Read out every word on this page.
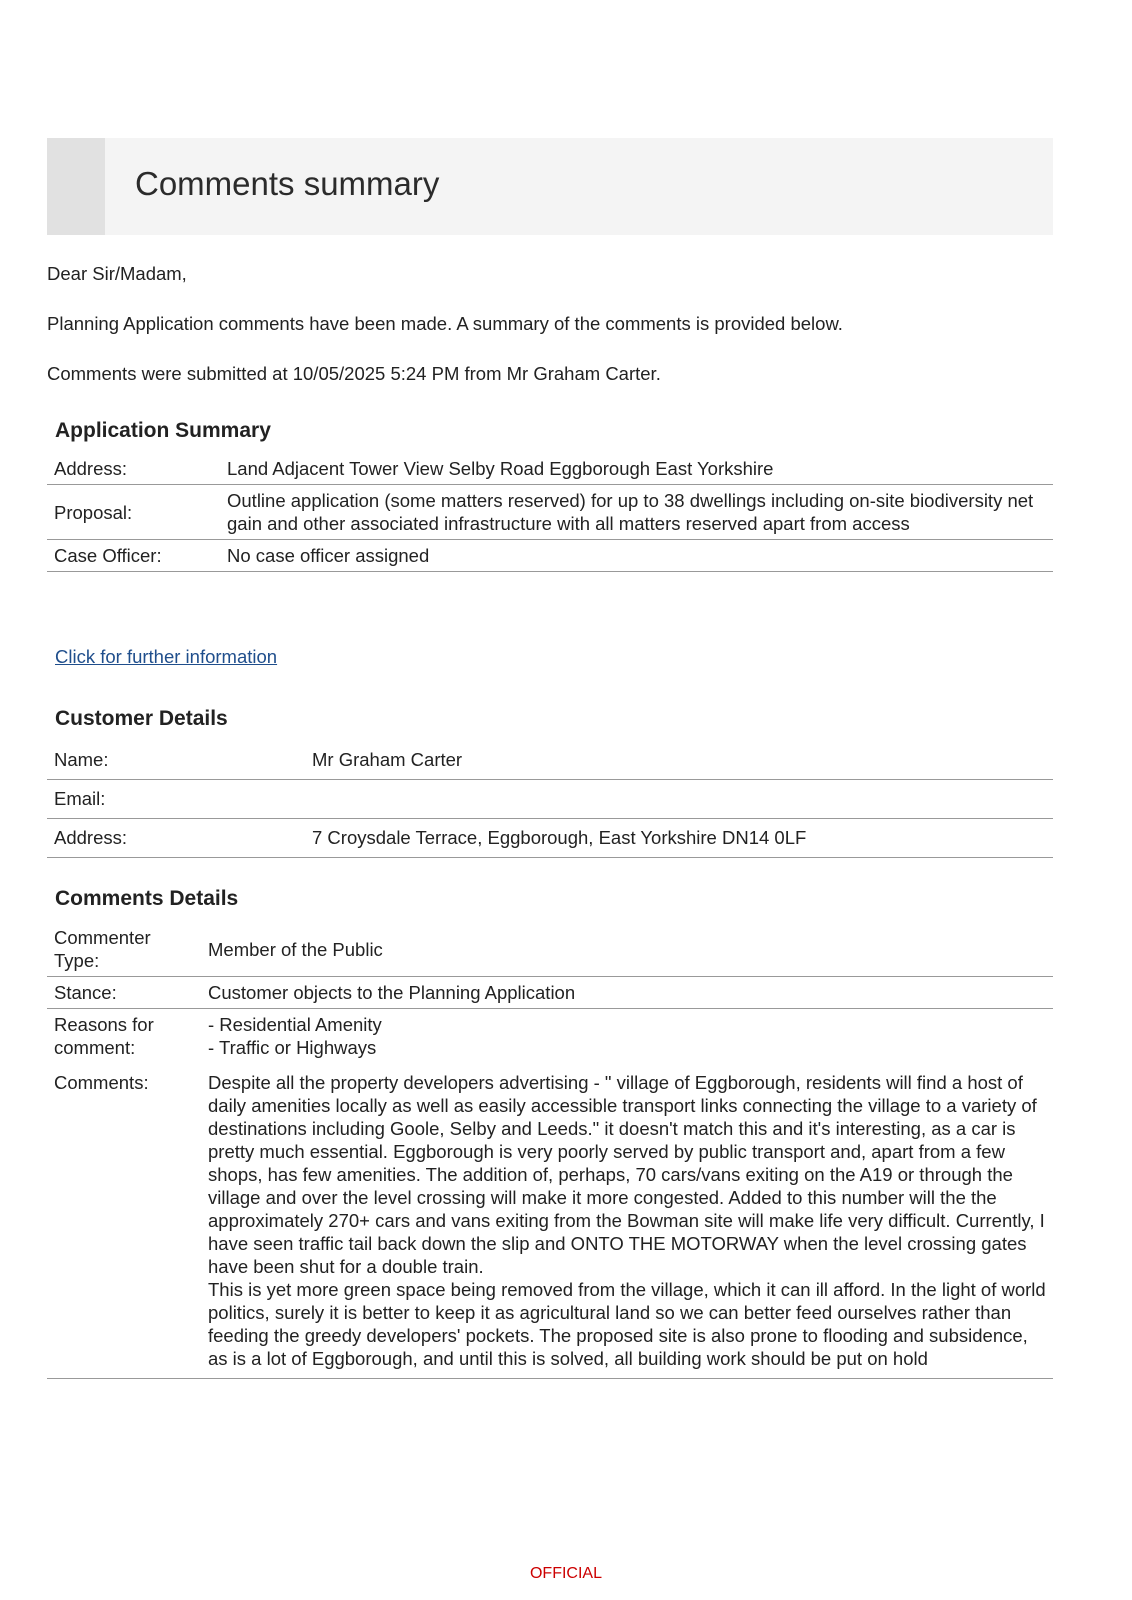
Comments summary
Dear Sir/Madam,
Planning Application comments have been made. A summary of the comments is provided below.
Comments were submitted at 10/05/2025 5:24 PM from Mr Graham Carter.
Application Summary
Address:	Land Adjacent Tower View Selby Road Eggborough East Yorkshire
Proposal:	Outline application (some matters reserved) for up to 38 dwellings including on-site biodiversity net gain and other associated infrastructure with all matters reserved apart from access
Case Officer:	No case officer assigned
Click for further information
Customer Details
Name:	Mr Graham Carter
Email:	
Address:	7 Croysdale Terrace, Eggborough, East Yorkshire DN14 0LF
Comments Details
Commenter Type:	Member of the Public
Stance:	Customer objects to the Planning Application
Reasons for comment:	- Residential Amenity
- Traffic or Highways

Comments:	Despite all the property developers advertising - " village of Eggborough, residents will find a host of daily amenities locally as well as easily accessible transport links connecting the village to a variety of destinations including Goole, Selby and Leeds." it doesn't match this and it's interesting, as a car is pretty much essential. Eggborough is very poorly served by public transport and, apart from a few shops, has few amenities. The addition of, perhaps, 70 cars/vans exiting on the A19 or through the village and over the level crossing will make it more congested. Added to this number will the the approximately 270+ cars and vans exiting from the Bowman site will make life very difficult. Currently, I have seen traffic tail back down the slip and ONTO THE MOTORWAY when the level crossing gates have been shut for a double train.
This is yet more green space being removed from the village, which it can ill afford. In the light of world politics, surely it is better to keep it as agricultural land so we can better feed ourselves rather than feeding the greedy developers' pockets. The proposed site is also prone to flooding and subsidence, as is a lot of Eggborough, and until this is solved, all building work should be put on hold
OFFICIAL
